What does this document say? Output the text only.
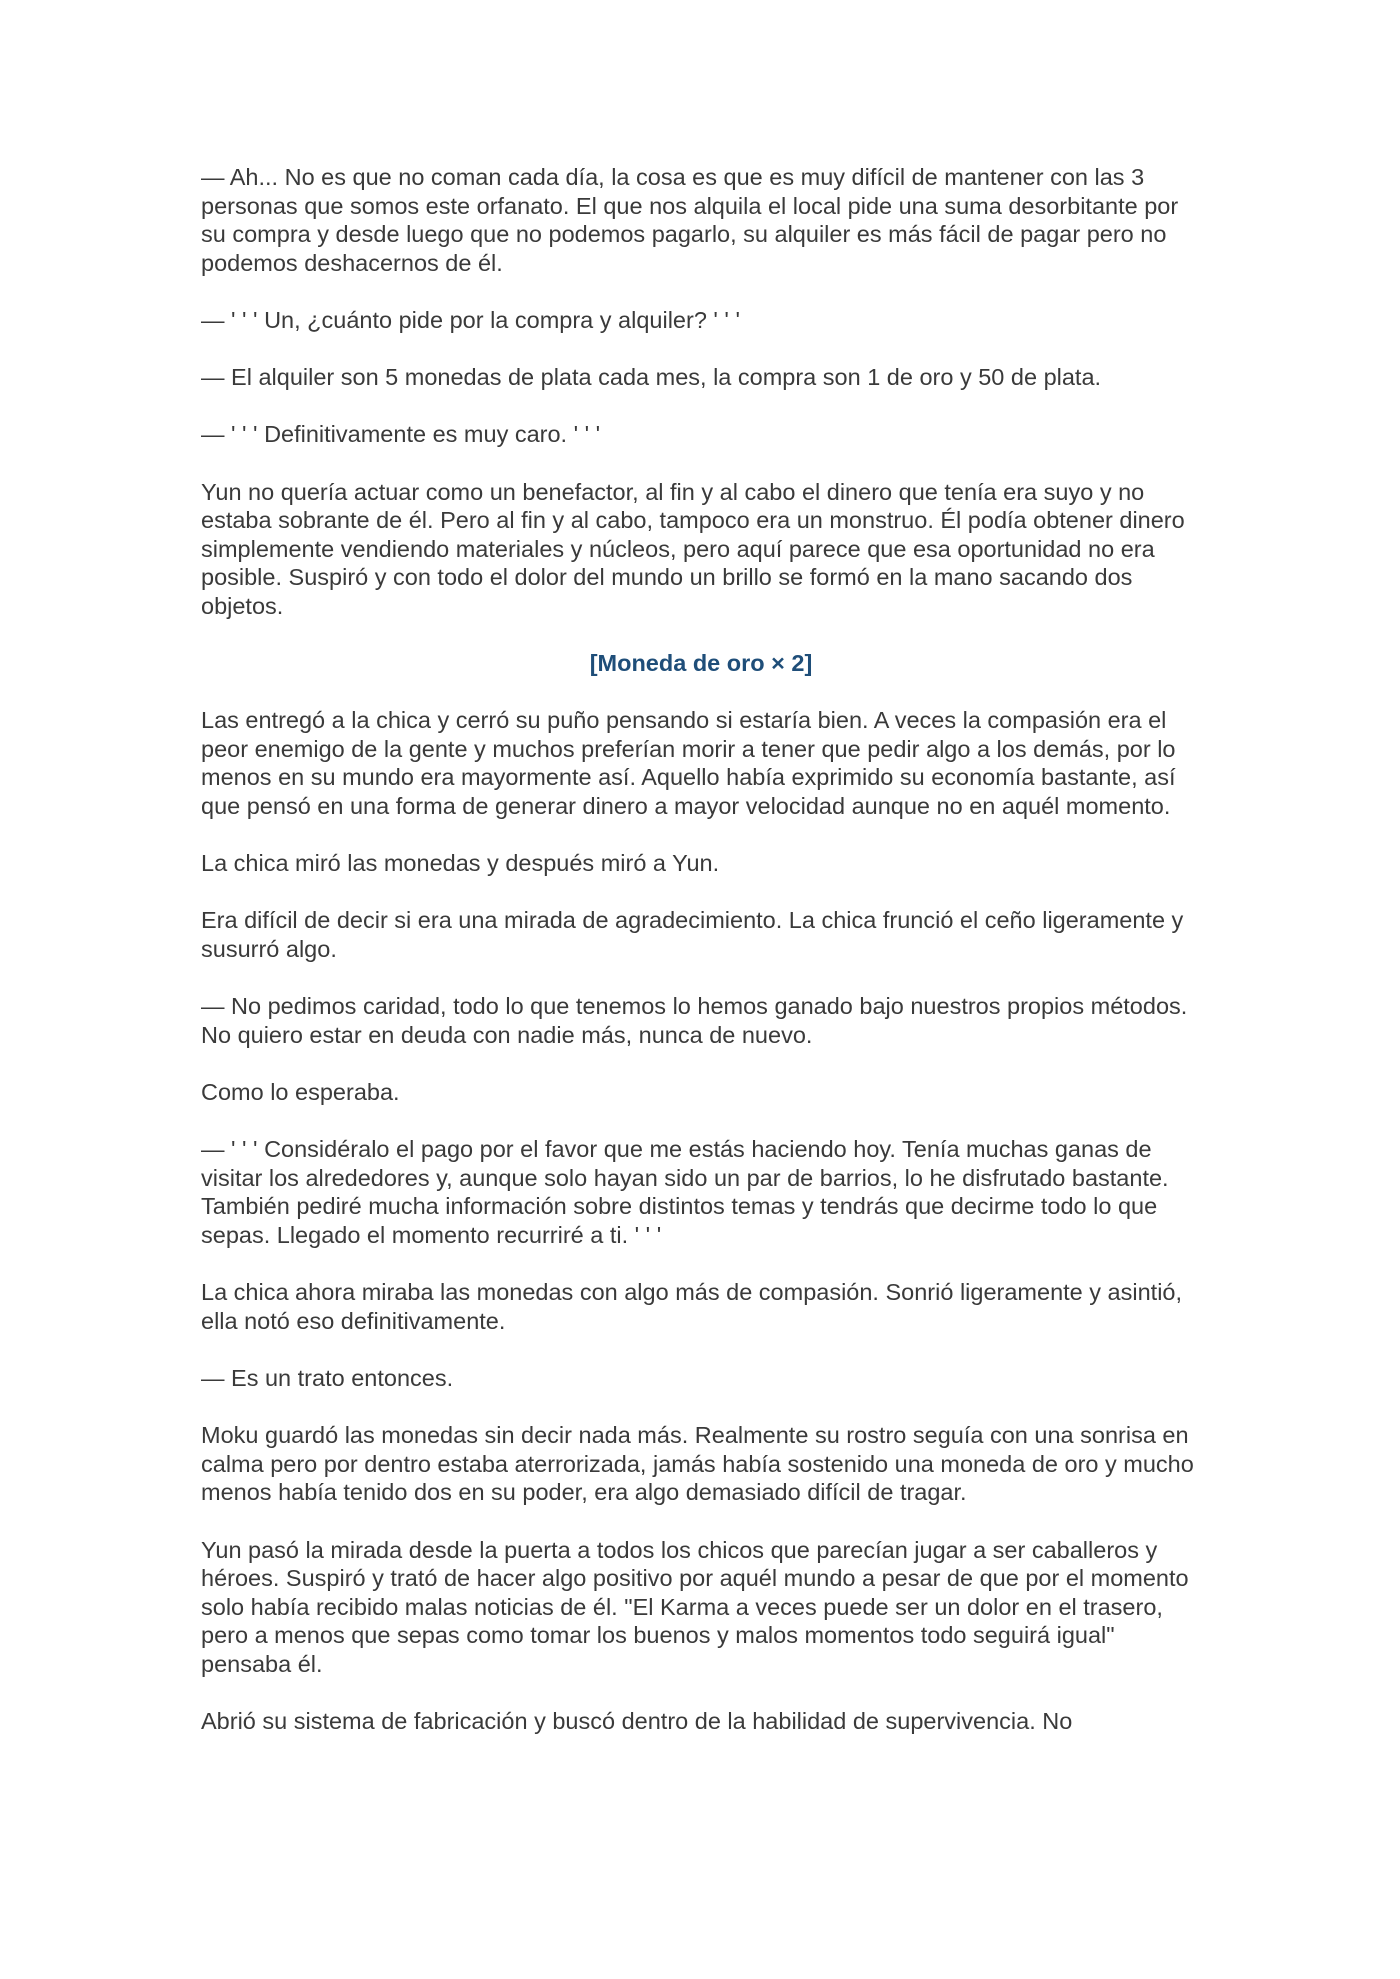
— Ah... No es que no coman cada día, la cosa es que es muy difícil de mantener con las 3 personas que somos este orfanato. El que nos alquila el local pide una suma desorbitante por su compra y desde luego que no podemos pagarlo, su alquiler es más fácil de pagar pero no podemos deshacernos de él.

— ' ' ' Un, ¿cuánto pide por la compra y alquiler? ' ' '

— El alquiler son 5 monedas de plata cada mes, la compra son 1 de oro y 50 de plata.

— ' ' ' Definitivamente es muy caro. ' ' '

Yun no quería actuar como un benefactor, al fin y al cabo el dinero que tenía era suyo y no estaba sobrante de él. Pero al fin y al cabo, tampoco era un monstruo. Él podía obtener dinero simplemente vendiendo materiales y núcleos, pero aquí parece que esa oportunidad no era posible. Suspiró y con todo el dolor del mundo un brillo se formó en la mano sacando dos objetos.

[Moneda de oro × 2]

Las entregó a la chica y cerró su puño pensando si estaría bien. A veces la compasión era el peor enemigo de la gente y muchos preferían morir a tener que pedir algo a los demás, por lo menos en su mundo era mayormente así. Aquello había exprimido su economía bastante, así que pensó en una forma de generar dinero a mayor velocidad aunque no en aquél momento.

La chica miró las monedas y después miró a Yun.

Era difícil de decir si era una mirada de agradecimiento. La chica frunció el ceño ligeramente y susurró algo.

— No pedimos caridad, todo lo que tenemos lo hemos ganado bajo nuestros propios métodos. No quiero estar en deuda con nadie más, nunca de nuevo.

Como lo esperaba.

— ' ' ' Considéralo el pago por el favor que me estás haciendo hoy. Tenía muchas ganas de visitar los alrededores y, aunque solo hayan sido un par de barrios, lo he disfrutado bastante. También pediré mucha información sobre distintos temas y tendrás que decirme todo lo que sepas. Llegado el momento recurriré a ti. ' ' '

La chica ahora miraba las monedas con algo más de compasión. Sonrió ligeramente y asintió, ella notó eso definitivamente.

— Es un trato entonces.

Moku guardó las monedas sin decir nada más. Realmente su rostro seguía con una sonrisa en calma pero por dentro estaba aterrorizada, jamás había sostenido una moneda de oro y mucho menos había tenido dos en su poder, era algo demasiado difícil de tragar.

Yun pasó la mirada desde la puerta a todos los chicos que parecían jugar a ser caballeros y héroes. Suspiró y trató de hacer algo positivo por aquél mundo a pesar de que por el momento solo había recibido malas noticias de él. "El Karma a veces puede ser un dolor en el trasero, pero a menos que sepas como tomar los buenos y malos momentos todo seguirá igual" pensaba él.

Abrió su sistema de fabricación y buscó dentro de la habilidad de supervivencia. No
